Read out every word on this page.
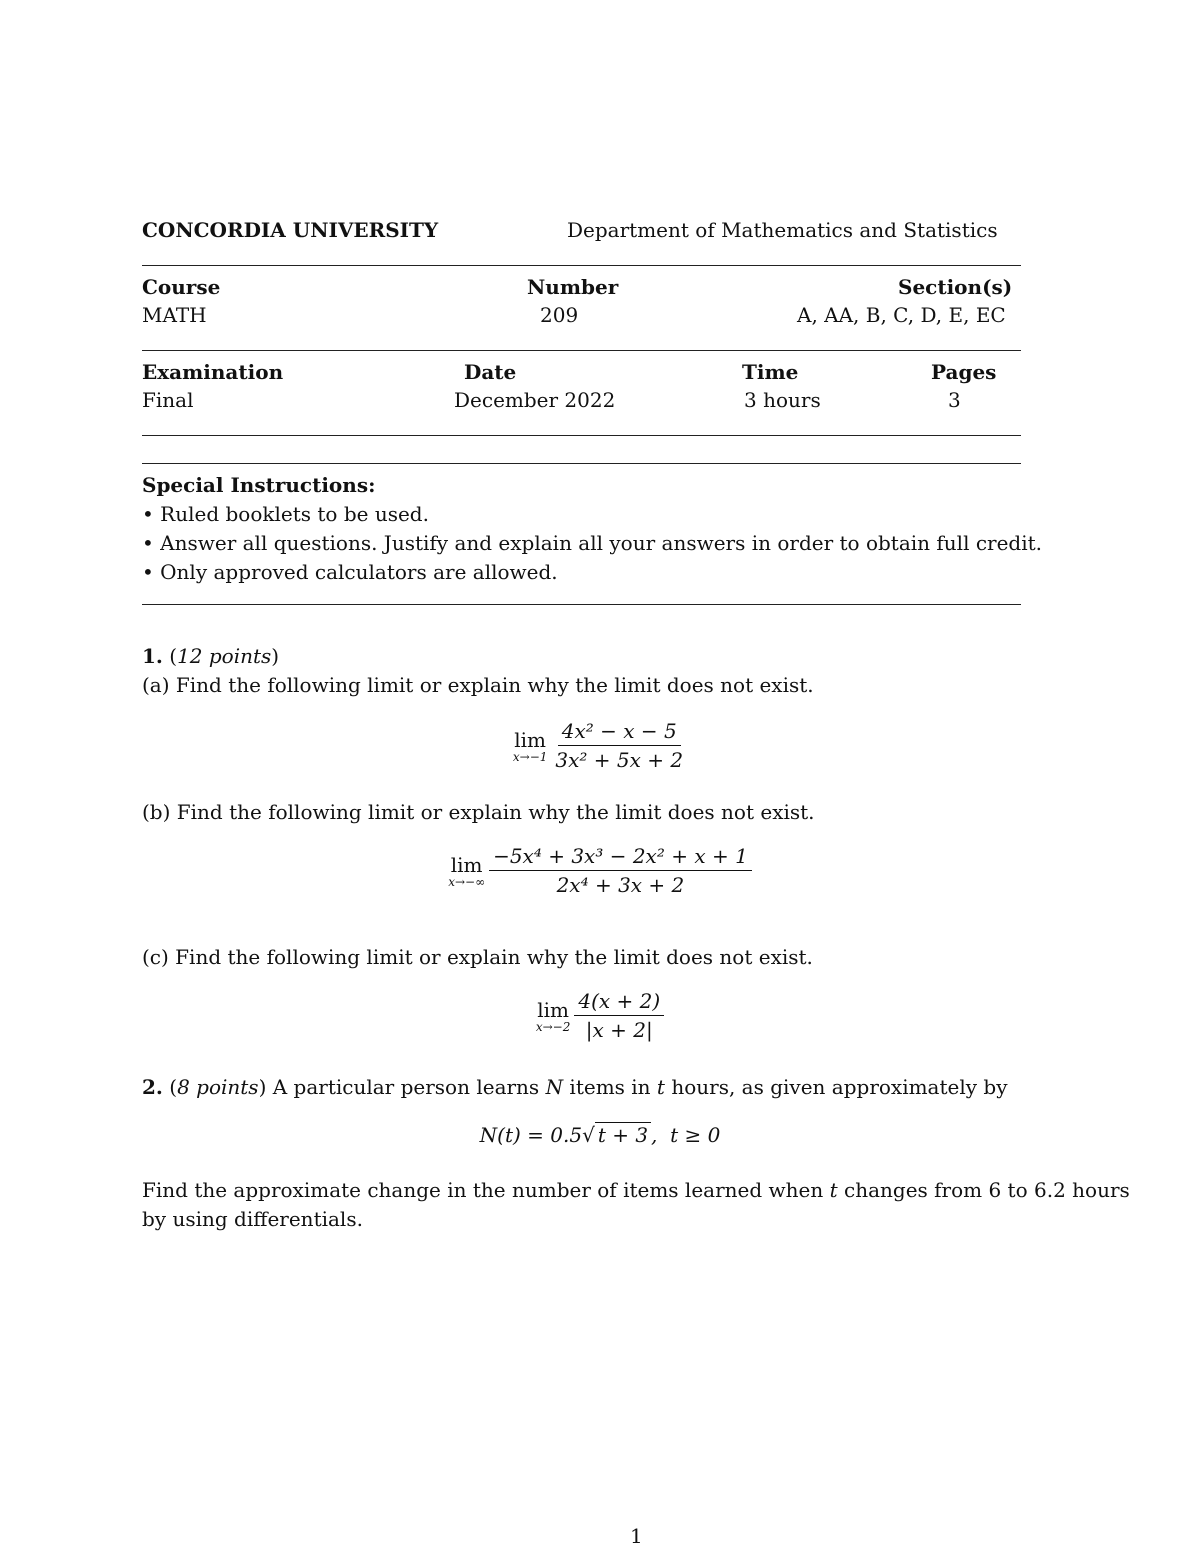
CONCORDIA UNIVERSITY	Department of Mathematics and Statistics
Course	Number	Section(s)
MATH	209	A, AA, B, C, D, E, EC
Examination	Date	Time	Pages
Final	December 2022	3 hours	3
Special Instructions:
• Ruled booklets to be used.
• Answer all questions. Justify and explain all your answers in order to obtain full credit.
• Only approved calculators are allowed.
1. (12 points)
(a) Find the following limit or explain why the limit does not exist.
lim
$x\to-1 \frac{\text{4x² − x − 5}}{\text{3x² + 5x + 2}}$
(b) Find the following limit or explain why the limit does not exist.
lim
$x\to-\infty \frac{\text{−5x⁴ + 3x³ − 2x² + x + 1}}{\text{2x⁴ + 3x + 2}}$
(c) Find the following limit or explain why the limit does not exist.
lim
$x\to-2 \frac{4(x + 2)}{|x + 2|}$
2. (8 points) A particular person learns N items in t hours, as given approximately by
N(t) = 0.5 √ t + 3 ,  t ≥ 0
Find the approximate change in the number of items learned when t changes from 6 to 6.2 hours
by using differentials.
1
